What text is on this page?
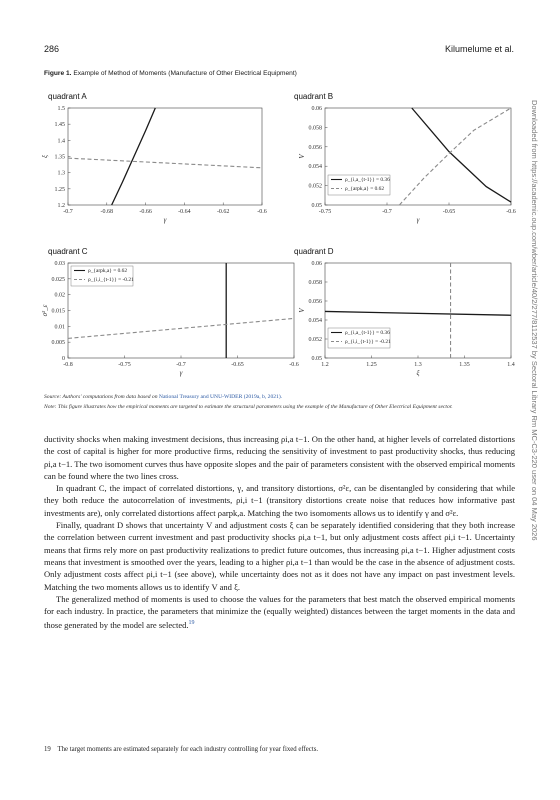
286	Kilumelume et al.
Figure 1. Example of Method of Moments (Manufacture of Other Electrical Equipment)
quadrant A
-0.7	-0.68	-0.66	-0.64	-0.62	-0.6
1.2
1.25
1.3
1.35
1.4
1.45
1.5
γ
ξ
quadrant B
-0.75	-0.7	-0.65	-0.6
0.05
0.052
0.054
0.056
0.058
0.06
γ
V
ρ_{i,a_{t-1}} = 0.36
ρ_{arpk,a} = 0.62
quadrant C
-0.8	-0.75	-0.7	-0.65	-0.6
0
0.005
0.01
0.015
0.02
0.025
0.03
γ
σ²_ε
ρ_{arpk,a} = 0.62
ρ_{i,i_{t-1}} = -0.21
quadrant D
1.2	1.25	1.3	1.35	1.4
0.05
0.052
0.054
0.056
0.058
0.06
ξ
V
ρ_{i,a_{t-1}} = 0.36
ρ_{i,i_{t-1}} = -0.21
Source: Authors' computations from data based on National Treasury and UNU-WIDER (2019a, b, 2021).
Note: This figure illustrates how the empirical moments are targeted to estimate the structural parameters using the example of the Manufacture of Other Electrical Equipment sector.

ductivity shocks when making investment decisions, thus increasing ρi,a t−1. On the other hand, at higher levels of correlated distortions the cost of capital is higher for more productive firms, reducing the sensitivity of investment to past productivity shocks, thus reducing ρi,a t−1. The two isomoment curves thus have opposite slopes and the pair of parameters consistent with the observed empirical moments can be found where the two lines cross.

In quadrant C, the impact of correlated distortions, γ, and transitory distortions, σ²ε, can be disentangled by considering that while they both reduce the autocorrelation of investments, ρi,i t−1 (transitory distortions create noise that reduces how informative past investments are), only correlated distortions affect ρarpk,a. Matching the two isomoments allows us to identify γ and σ²ε.

Finally, quadrant D shows that uncertainty V and adjustment costs ξ can be separately identified considering that they both increase the correlation between current investment and past productivity shocks ρi,a t−1, but only adjustment costs affect ρi,i t−1. Uncertainty means that firms rely more on past productivity realizations to predict future outcomes, thus increasing ρi,a t−1. Higher adjustment costs means that investment is smoothed over the years, leading to a higher ρi,a t−1 than would be the case in the absence of adjustment costs. Only adjustment costs affect ρi,i t−1 (see above), while uncertainty does not as it does not have any impact on past investment levels. Matching the two moments allows us to identify V and ξ.

The generalized method of moments is used to choose the values for the parameters that best match the observed empirical moments for each industry. In practice, the parameters that minimize the (equally weighted) distances between the target moments in the data and those generated by the model are selected.$^{19}$

19 The target moments are estimated separately for each industry controlling for year fixed effects.
Downloaded from https://academic.oup.com/wber/article/40/2/277/8112537 by Sectoral Library Rm MC-C3-220 user on 04 May 2026
